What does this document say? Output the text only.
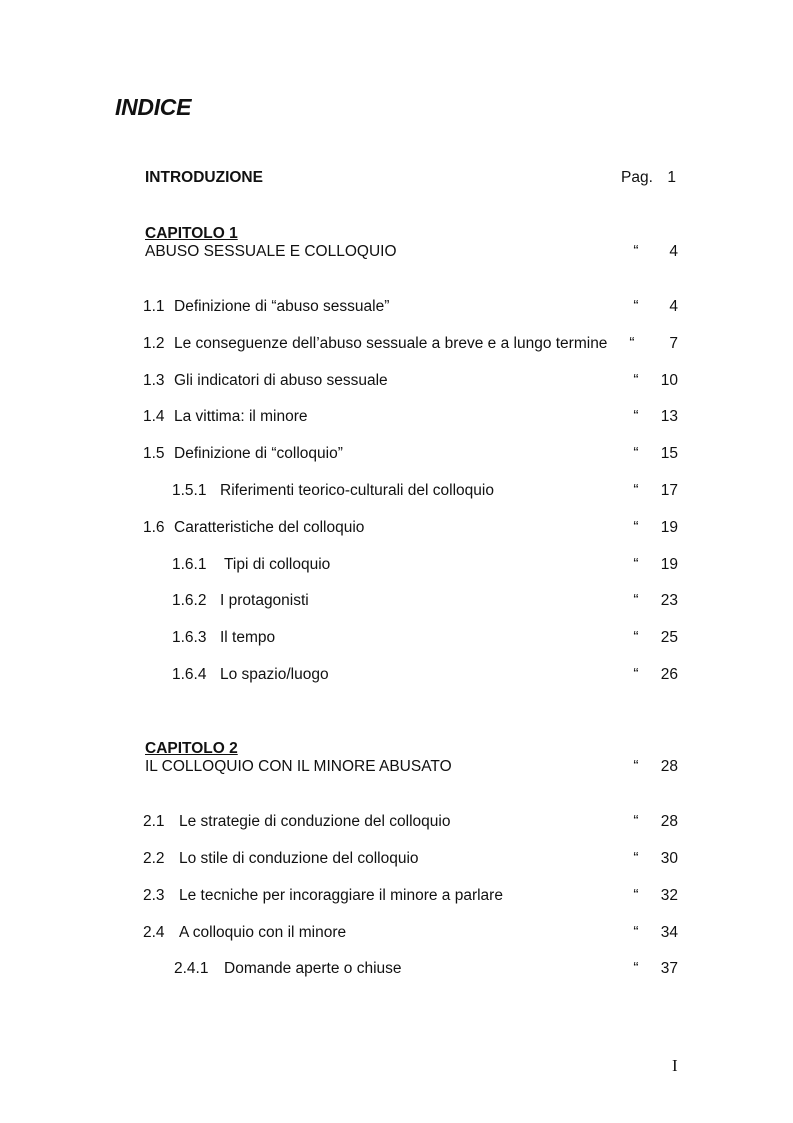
INDICE
INTRODUZIONE	Pag. 1
CAPITOLO 1
ABUSO SESSUALE E COLLOQUIO	“	4
1.1 Definizione di “abuso sessuale”	“	4
1.2 Le conseguenze dell’abuso sessuale a breve e a lungo termine “	7
1.3 Gli indicatori di abuso sessuale	“	10
1.4 La vittima: il minore	“	13
1.5 Definizione di “colloquio”	“	15
1.5.1 Riferimenti teorico-culturali del colloquio	“	17
1.6 Caratteristiche del colloquio	“	19
1.6.1 Tipi di colloquio	“	19
1.6.2 I protagonisti	“	23
1.6.3 Il tempo	“	25
1.6.4 Lo spazio/luogo	“	26
CAPITOLO 2
IL COLLOQUIO CON IL MINORE ABUSATO	“	28
2.1 Le strategie di conduzione del colloquio	“	28
2.2 Lo stile di conduzione del colloquio	“	30
2.3 Le tecniche per incoraggiare il minore a parlare	“	32
2.4 A colloquio con il minore	“	34
2.4.1 Domande aperte o chiuse	“	37
I
